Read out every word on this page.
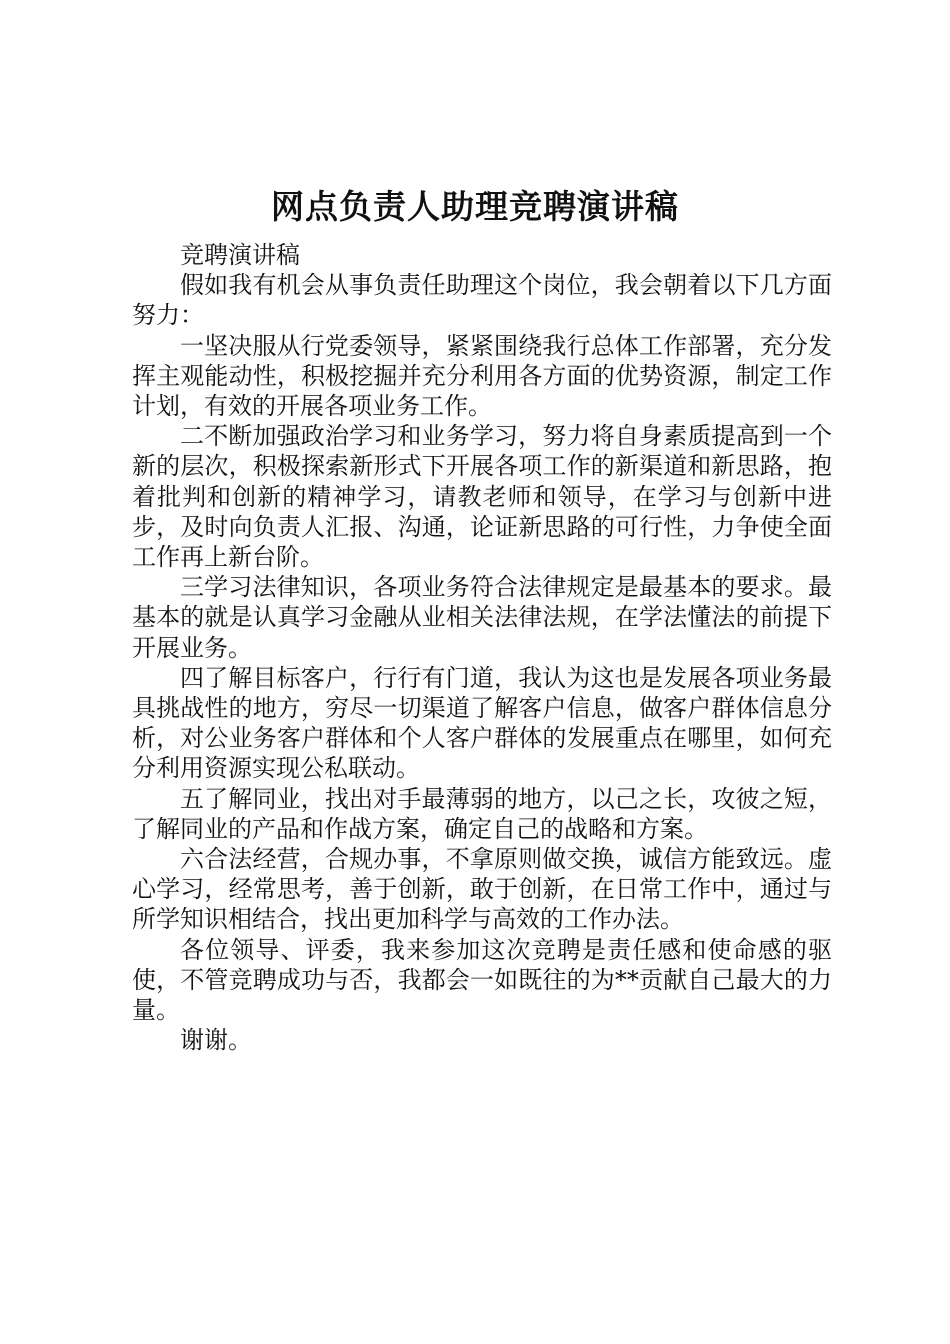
网点负责人助理竞聘演讲稿

竞聘演讲稿

假如我有机会从事负责任助理这个岗位，我会朝着以下几方面努力：

一坚决服从行党委领导，紧紧围绕我行总体工作部署，充分发挥主观能动性，积极挖掘并充分利用各方面的优势资源，制定工作计划，有效的开展各项业务工作。

二不断加强政治学习和业务学习，努力将自身素质提高到一个新的层次，积极探索新形式下开展各项工作的新渠道和新思路，抱着批判和创新的精神学习，请教老师和领导，在学习与创新中进步，及时向负责人汇报、沟通，论证新思路的可行性，力争使全面工作再上新台阶。

三学习法律知识，各项业务符合法律规定是最基本的要求。最基本的就是认真学习金融从业相关法律法规，在学法懂法的前提下开展业务。

四了解目标客户，行行有门道，我认为这也是发展各项业务最具挑战性的地方，穷尽一切渠道了解客户信息，做客户群体信息分析，对公业务客户群体和个人客户群体的发展重点在哪里，如何充分利用资源实现公私联动。

五了解同业，找出对手最薄弱的地方，以己之长，攻彼之短，了解同业的产品和作战方案，确定自己的战略和方案。

六合法经营，合规办事，不拿原则做交换，诚信方能致远。虚心学习，经常思考，善于创新，敢于创新，在日常工作中，通过与所学知识相结合，找出更加科学与高效的工作办法。

各位领导、评委，我来参加这次竞聘是责任感和使命感的驱使，不管竞聘成功与否，我都会一如既往的为**贡献自己最大的力量。

谢谢。
